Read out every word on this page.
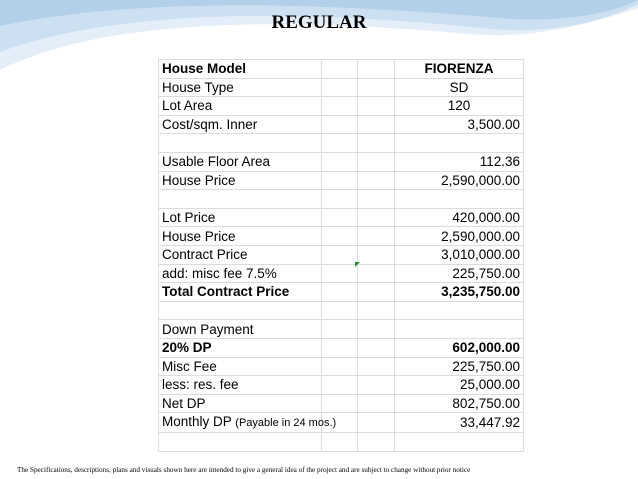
REGULAR
House Model			FIORENZA
House Type			SD
Lot Area			120
Cost/sqm. Inner			3,500.00

Usable Floor Area			112.36
House Price			2,590,000.00

Lot Price			420,000.00
House Price			2,590,000.00
Contract Price			3,010,000.00
add: misc fee 7.5%			225,750.00
Total Contract Price			3,235,750.00

Down Payment			
20% DP			602,000.00
Misc Fee			225,750.00
less: res. fee			25,000.00
Net DP			802,750.00
Monthly DP (Payable in 24 mos.)			33,447.92

The Specifications, descriptions, plans and visuals shown here are intended to give a general idea of the project and are subject to change without prior notice
